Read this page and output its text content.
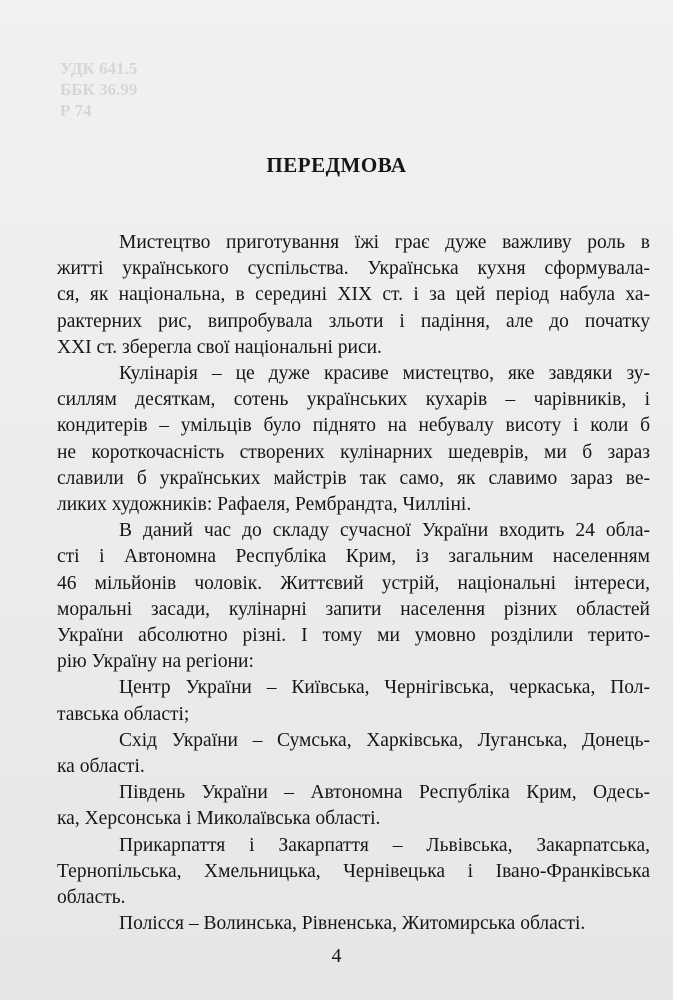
УДК 641.5
ББК 36.99
Р 74
ПЕРЕДМОВА

Мистецтво приготування їжі грає дуже важливу роль в
житті українського суспільства. Українська кухня сформувала-
ся, як національна, в середині XIX ст. і за цей період набула ха-
рактерних рис, випробувала зльоти і падіння, але до початку
XXI ст. зберегла свої національні риси.

Кулінарія – це дуже красиве мистецтво, яке завдяки зу-
силлям десяткам, сотень українських кухарів – чарівників, і
кондитерів – умільців було піднято на небувалу висоту і коли б
не короткочасність створених кулінарних шедеврів, ми б зараз
славили б українських майстрів так само, як славимо зараз ве-
ликих художників: Рафаеля, Рембрандта, Чилліні.

В даний час до складу сучасної України входить 24 обла-
сті і Автономна Республіка Крим, із загальним населенням
46 мільйонів чоловік. Життєвий устрій, національні інтереси,
моральні засади, кулінарні запити населення різних областей
України абсолютно різні. І тому ми умовно розділили терито-
рію Україну на регіони:

Центр України – Київська, Чернігівська, черкаська, Пол-
тавська області;

Схід України – Сумська, Харківська, Луганська, Донець-
ка області.

Південь України – Автономна Республіка Крим, Одесь-
ка, Херсонська і Миколаївська області.

Прикарпаття і Закарпаття – Львівська, Закарпатська,
Тернопільська, Хмельницька, Чернівецька і Івано-Франківська
область.

Полісся – Волинська, Рівненська, Житомирська області.

4
